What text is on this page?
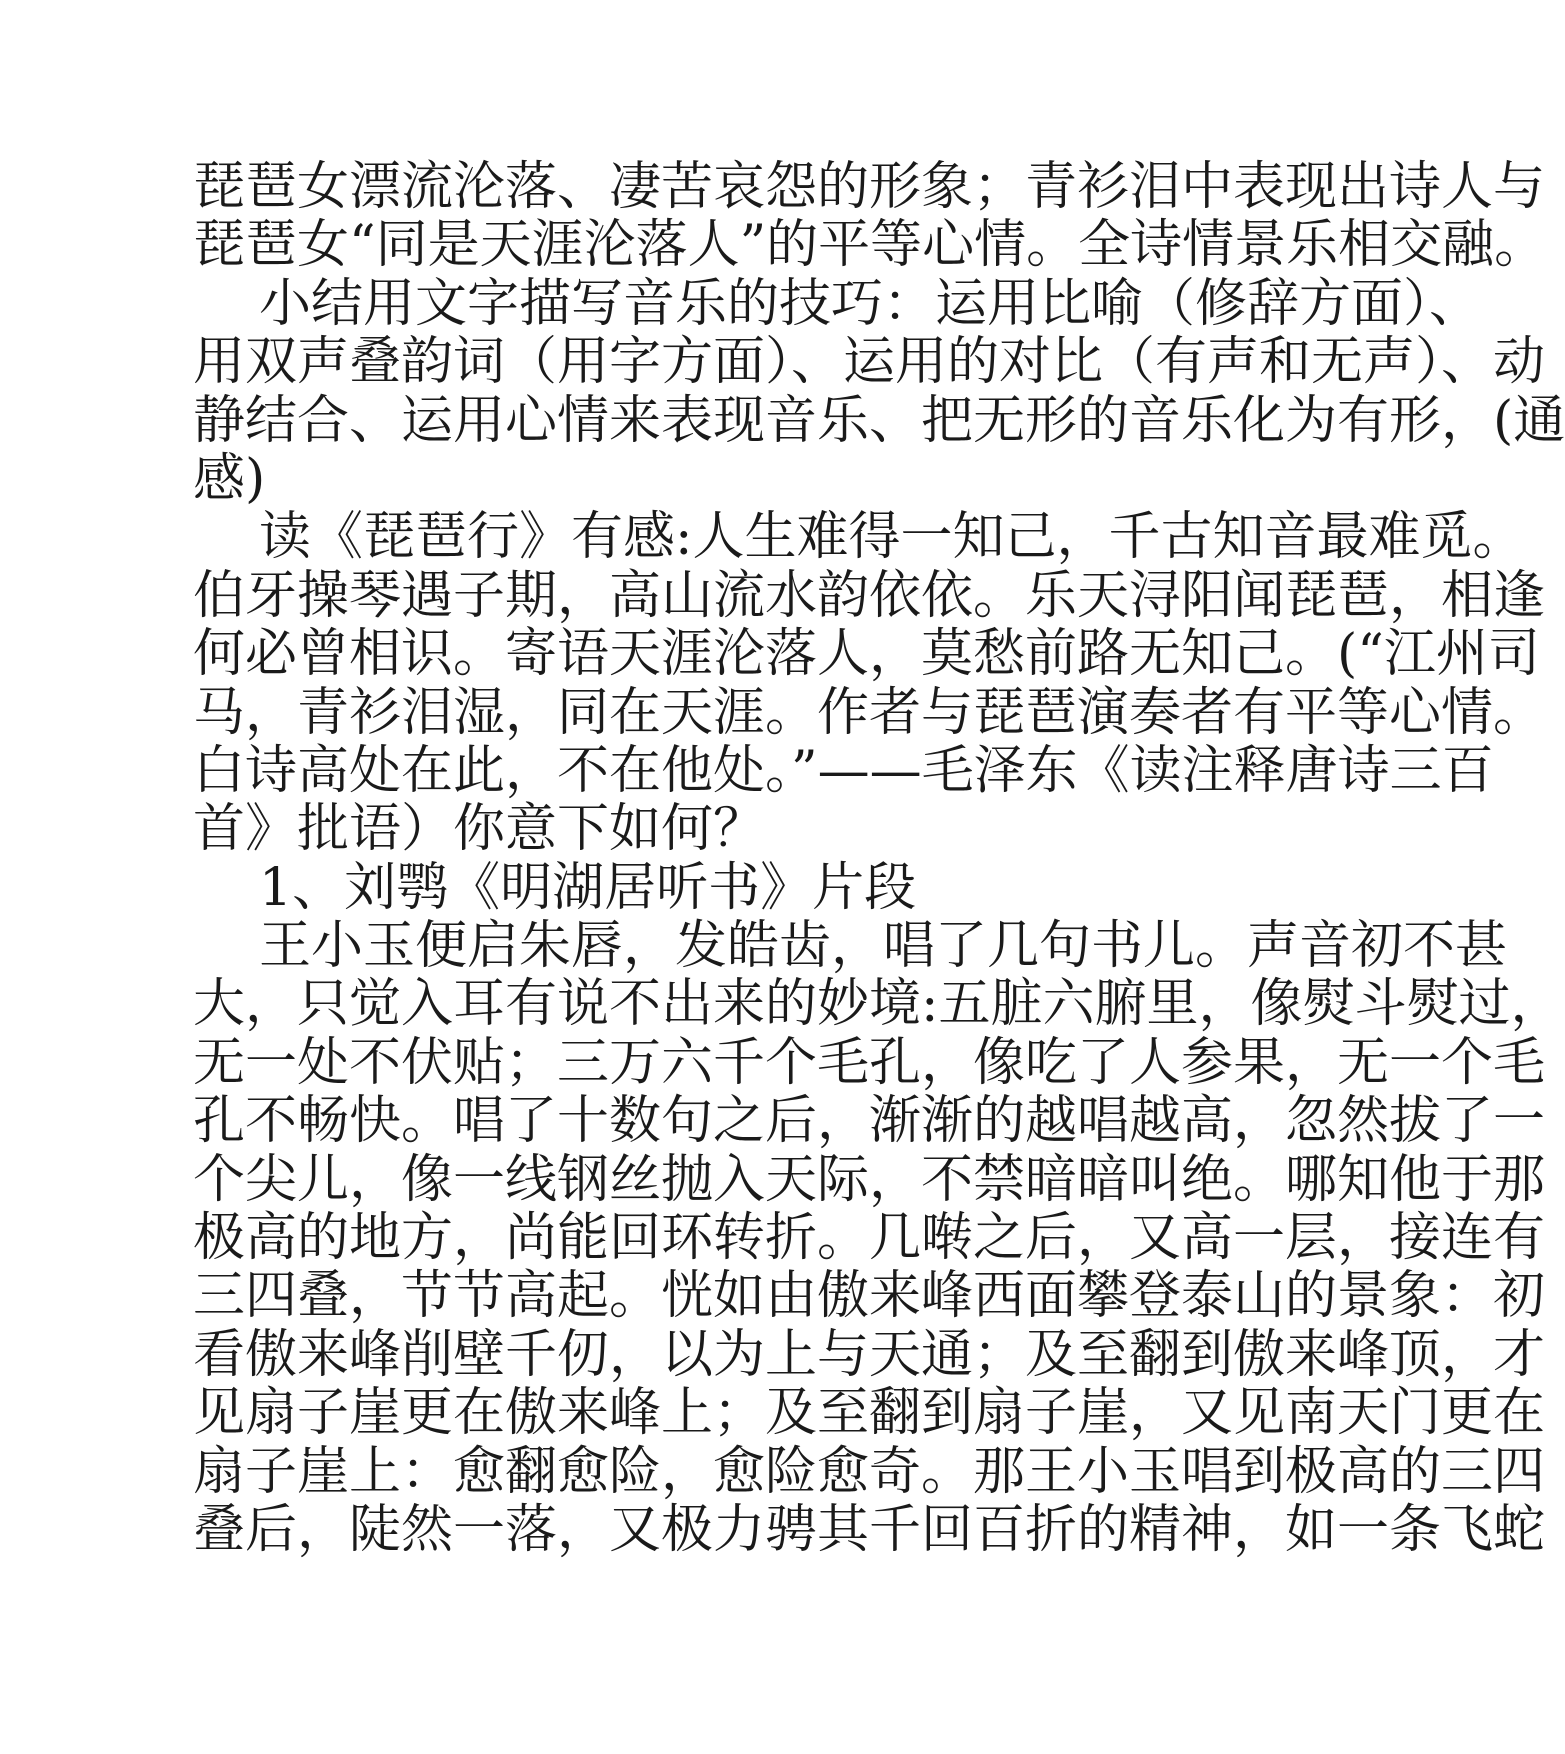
琵琶女漂流沦落、凄苦哀怨的形象；青衫泪中表现出诗人与
琵琶女“同是天涯沦落人”的平等心情。全诗情景乐相交融。
小结用文字描写音乐的技巧：运用比喻（修辞方面）、
用双声叠韵词（用字方面）、运用的对比（有声和无声）、动
静结合、运用心情来表现音乐、把无形的音乐化为有形，(通
感)
读《琵琶行》有感:人生难得一知己，千古知音最难觅。
伯牙操琴遇子期，高山流水韵依依。乐天浔阳闻琵琶，相逢
何必曾相识。寄语天涯沦落人，莫愁前路无知己。(“江州司
马，青衫泪湿，同在天涯。作者与琵琶演奏者有平等心情。
白诗高处在此，不在他处。”——毛泽东《读注释唐诗三百
首》批语）你意下如何？
1、刘鹗《明湖居听书》片段
王小玉便启朱唇，发皓齿，唱了几句书儿。声音初不甚
大，只觉入耳有说不出来的妙境:五脏六腑里，像熨斗熨过，
无一处不伏贴；三万六千个毛孔，像吃了人参果，无一个毛
孔不畅快。唱了十数句之后，渐渐的越唱越高，忽然拔了一
个尖儿，像一线钢丝抛入天际，不禁暗暗叫绝。哪知他于那
极高的地方，尚能回环转折。几啭之后，又高一层，接连有
三四叠，节节高起。恍如由傲来峰西面攀登泰山的景象：初
看傲来峰削壁千仞，以为上与天通；及至翻到傲来峰顶，才
见扇子崖更在傲来峰上；及至翻到扇子崖，又见南天门更在
扇子崖上：愈翻愈险，愈险愈奇。那王小玉唱到极高的三四
叠后，陡然一落，又极力骋其千回百折的精神，如一条飞蛇
